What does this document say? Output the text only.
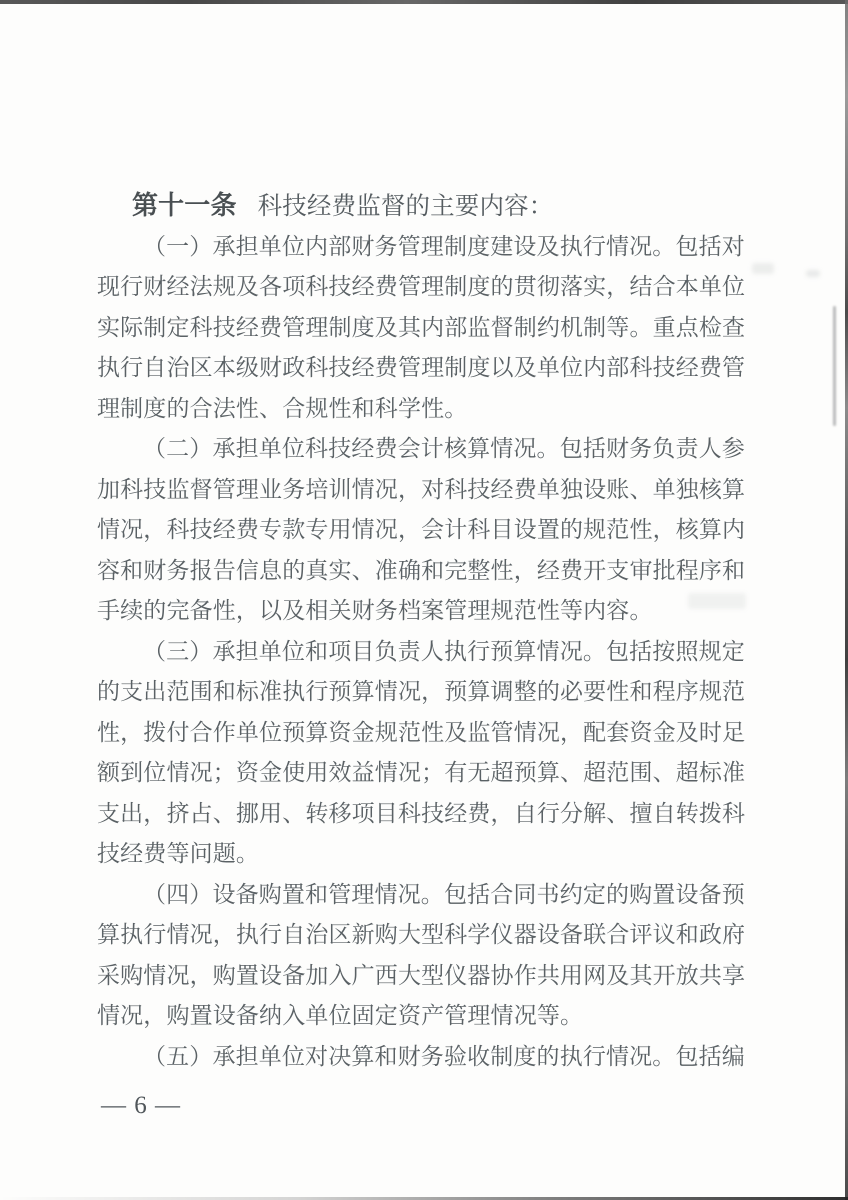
第十一条 科技经费监督的主要内容：
（一）承担单位内部财务管理制度建设及执行情况。包括对
现行财经法规及各项科技经费管理制度的贯彻落实，结合本单位
实际制定科技经费管理制度及其内部监督制约机制等。重点检查
执行自治区本级财政科技经费管理制度以及单位内部科技经费管
理制度的合法性、合规性和科学性。
（二）承担单位科技经费会计核算情况。包括财务负责人参
加科技监督管理业务培训情况，对科技经费单独设账、单独核算
情况，科技经费专款专用情况，会计科目设置的规范性，核算内
容和财务报告信息的真实、准确和完整性，经费开支审批程序和
手续的完备性，以及相关财务档案管理规范性等内容。
（三）承担单位和项目负责人执行预算情况。包括按照规定
的支出范围和标准执行预算情况，预算调整的必要性和程序规范
性，拨付合作单位预算资金规范性及监管情况，配套资金及时足
额到位情况；资金使用效益情况；有无超预算、超范围、超标准
支出，挤占、挪用、转移项目科技经费，自行分解、擅自转拨科
技经费等问题。
（四）设备购置和管理情况。包括合同书约定的购置设备预
算执行情况，执行自治区新购大型科学仪器设备联合评议和政府
采购情况，购置设备加入广西大型仪器协作共用网及其开放共享
情况，购置设备纳入单位固定资产管理情况等。
（五）承担单位对决算和财务验收制度的执行情况。包括编
— 6 —
